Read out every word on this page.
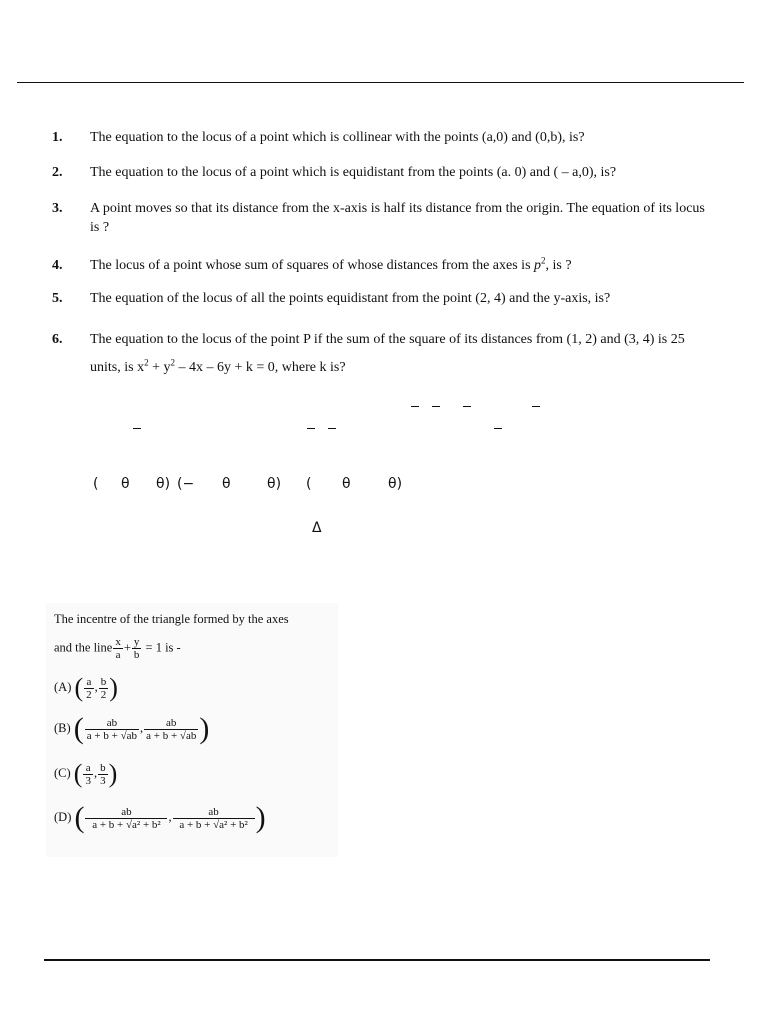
1. The equation to the locus of a point which is collinear with the points (a,0) and (0,b), is?
2. The equation to the locus of a point which is equidistant from the points (a. 0) and ( – a,0), is?
3. A point moves so that its distance from the x-axis is half its distance from the origin. The equation of its locus is ?
4. The locus of a point whose sum of squares of whose distances from the axes is $p^2$, is ?
5. The equation of the locus of all the points equidistant from the point (2, 4) and the y-axis, is?
6. The equation to the locus of the point P if the sum of the square of its distances from (1, 2) and (3, 4) is 25
units, is $x^2 + y^2 - 4x - 6y + k = 0$, where k is?
( θ θ) (− θ	θ) ( θ	θ)
Δ
The incentre of the triangle formed by the axes
and the line $\frac{x}{a} + \frac{y}{b} = 1$ is -
(A) ( $\frac{a}{2}$ , $\frac{b}{2}$ )
(B) ( $\frac{ab}{a + b + √ab}$ , $\frac{ab}{a + b + √ab}$ )
(C) ( $\frac{a}{3}$ , $\frac{b}{3}$ )
(D) ( $\frac{ab}{\text{a + b + √a² + b²}}$ , $\frac{ab}{\text{a + b + √a² + b²}}$ )
